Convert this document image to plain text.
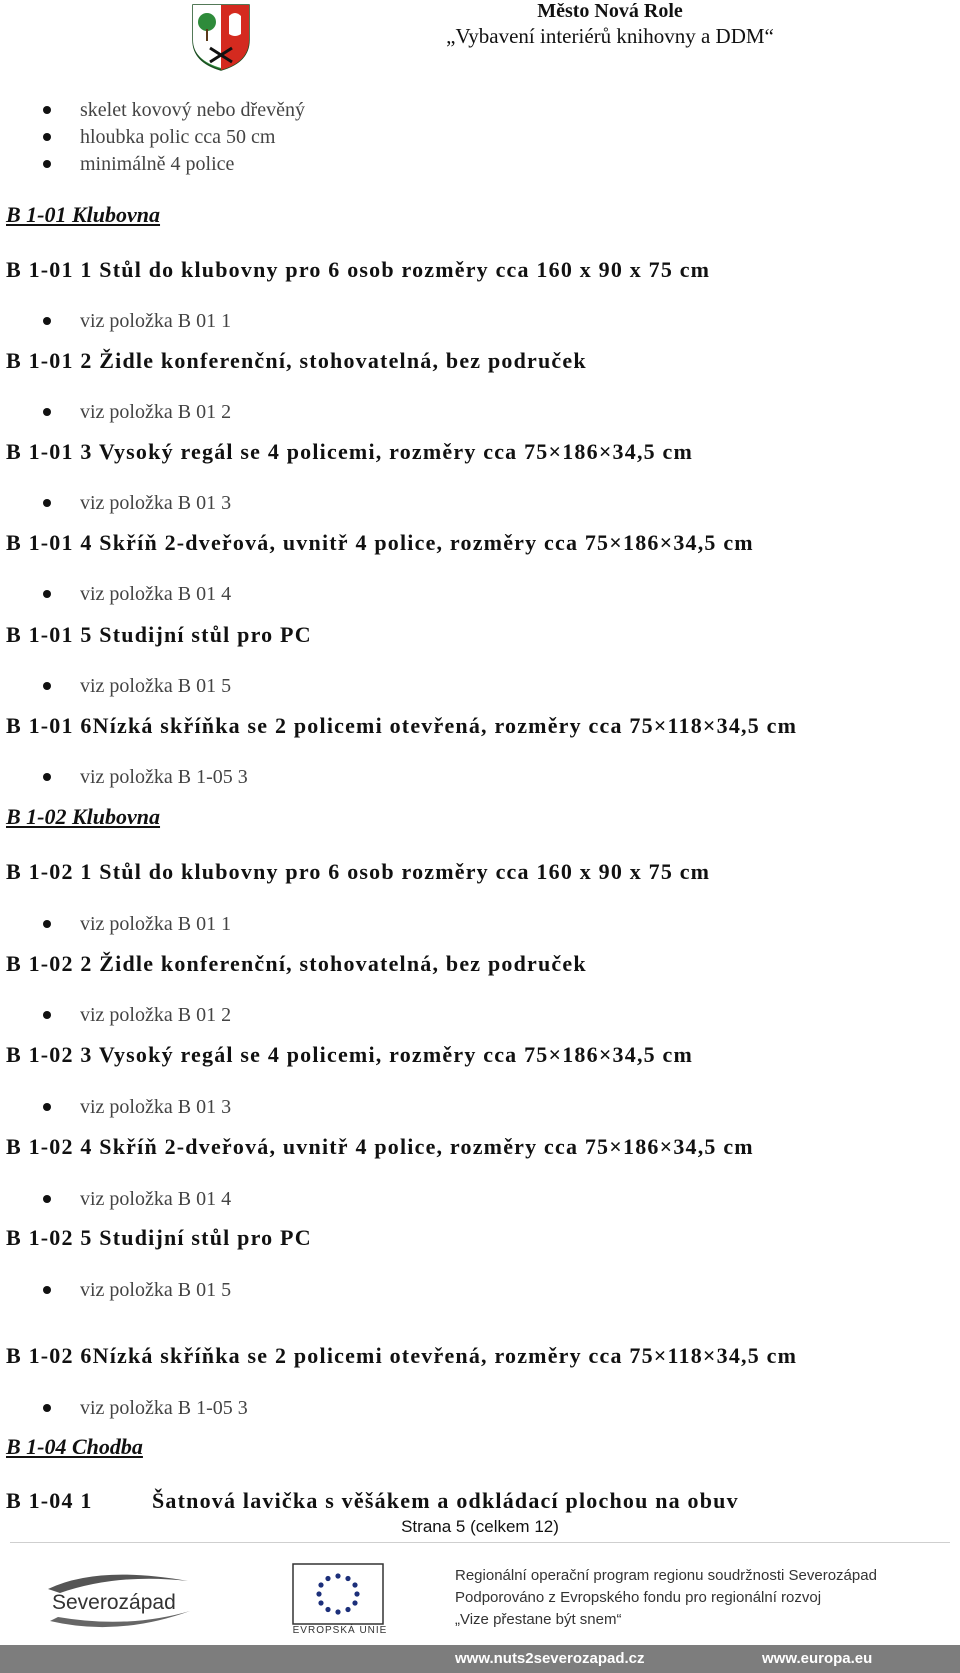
Město Nová Role
„Vybavení interiérů knihovny a DDM“
skelet kovový nebo dřevěný
hloubka polic cca 50 cm
minimálně 4 police
B 1-01 Klubovna
B 1-01 1 Stůl do klubovny pro 6 osob rozměry cca 160 x 90 x 75 cm
viz položka B 01 1
B 1-01 2 Židle konferenční, stohovatelná, bez područek
viz položka B 01 2
B 1-01 3 Vysoký regál se 4 policemi, rozměry cca 75×186×34,5 cm
viz položka B 01 3
B 1-01 4 Skříň 2-dveřová, uvnitř 4 police, rozměry cca 75×186×34,5 cm
viz položka B 01 4
B 1-01 5 Studijní stůl pro PC
viz položka B 01 5
B 1-01 6Nízká skříňka se 2 policemi otevřená, rozměry cca 75×118×34,5 cm
viz položka B 1-05 3
B 1-02 Klubovna
B 1-02 1 Stůl do klubovny pro 6 osob rozměry cca 160 x 90 x 75 cm
viz položka B 01 1
B 1-02 2 Židle konferenční, stohovatelná, bez područek
viz položka B 01 2
B 1-02 3 Vysoký regál se 4 policemi, rozměry cca 75×186×34,5 cm
viz položka B 01 3
B 1-02 4 Skříň 2-dveřová, uvnitř 4 police, rozměry cca 75×186×34,5 cm
viz položka B 01 4
B 1-02 5 Studijní stůl pro PC
viz položka B 01 5
B 1-02 6Nízká skříňka se 2 policemi otevřená, rozměry cca 75×118×34,5 cm
viz položka B 1-05 3
B 1-04 Chodba
B 1-04 1	Šatnová lavička s věšákem a odkládací plochou na obuv
Strana 5 (celkem 12)
Severozápad
EVROPSKÁ UNIE
Regionální operační program regionu soudržnosti Severozápad
Podporováno z Evropského fondu pro regionální rozvoj
„Vize přestane být snem“
www.nuts2severozapad.cz	www.europa.eu
